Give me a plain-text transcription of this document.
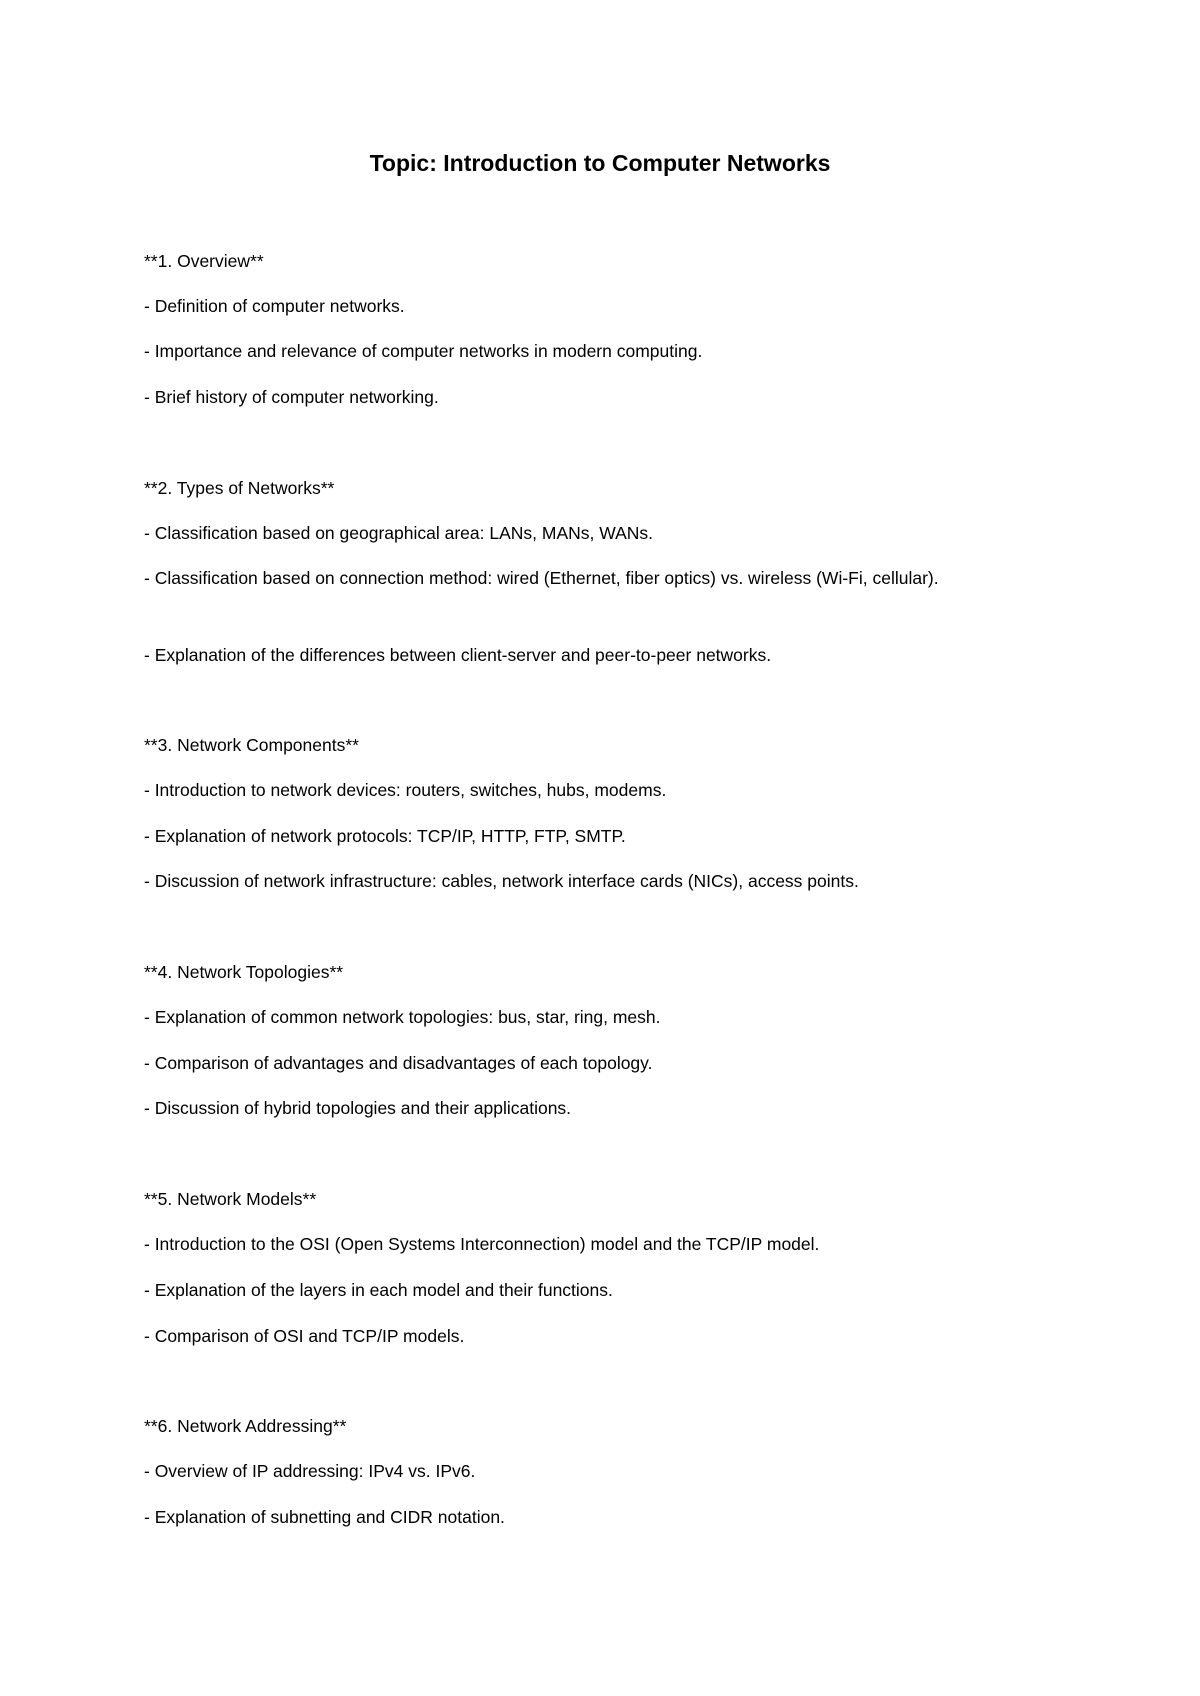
Topic: Introduction to Computer Networks

**1. Overview**

- Definition of computer networks.

- Importance and relevance of computer networks in modern computing.

- Brief history of computer networking.

**2. Types of Networks**

- Classification based on geographical area: LANs, MANs, WANs.

- Classification based on connection method: wired (Ethernet, fiber optics) vs. wireless (Wi-Fi, cellular).

- Explanation of the differences between client-server and peer-to-peer networks.

**3. Network Components**

- Introduction to network devices: routers, switches, hubs, modems.

- Explanation of network protocols: TCP/IP, HTTP, FTP, SMTP.

- Discussion of network infrastructure: cables, network interface cards (NICs), access points.

**4. Network Topologies**

- Explanation of common network topologies: bus, star, ring, mesh.

- Comparison of advantages and disadvantages of each topology.

- Discussion of hybrid topologies and their applications.

**5. Network Models**

- Introduction to the OSI (Open Systems Interconnection) model and the TCP/IP model.

- Explanation of the layers in each model and their functions.

- Comparison of OSI and TCP/IP models.

**6. Network Addressing**

- Overview of IP addressing: IPv4 vs. IPv6.

- Explanation of subnetting and CIDR notation.
